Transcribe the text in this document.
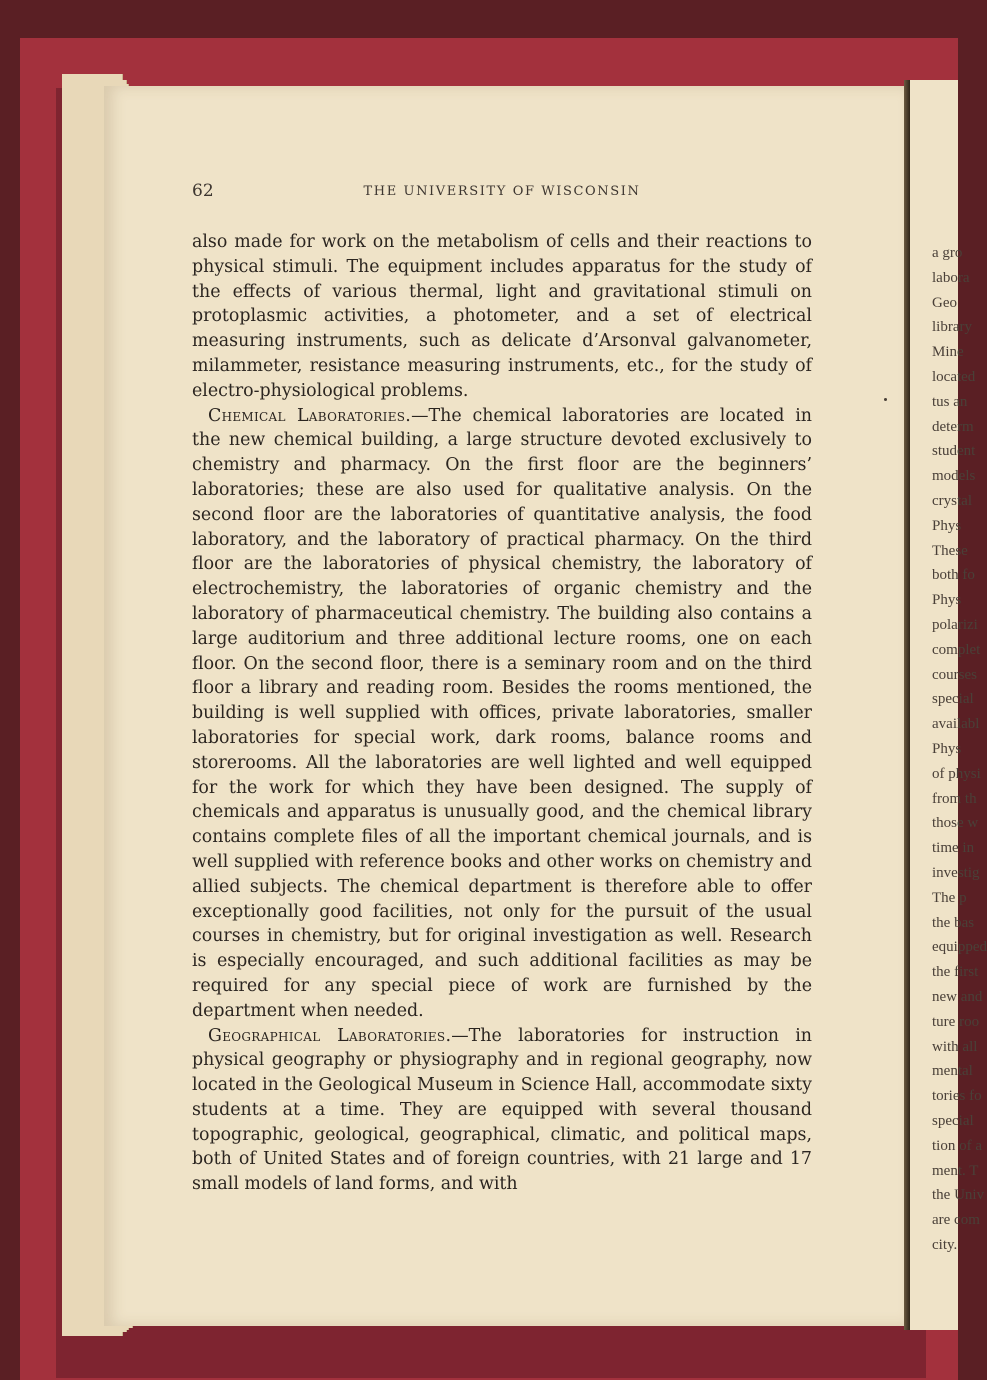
a gro
labora
Geo
library
Mine
located
tus an
determ
student
models
crystal
Phys
These
both fo
Phys
polarizi
complet
courses
special
availabl
Phys
of physi
from th
those w
time in
investig
The p
the bas
equipped
the first
new and
ture roo
with all
mental
tories fo
special
tion of a
ment. T
the Univ
are com
city.
62	THE UNIVERSITY OF WISCONSIN

also made for work on the metabolism of cells and their reactions to physical stimuli. The equipment includes apparatus for the study of the effects of various thermal, light and gravitational stimuli on protoplasmic activities, a photometer, and a set of electrical measuring instruments, such as delicate d’Arsonval galvanometer, milammeter, resistance measuring instruments, etc., for the study of electro-physiological problems.

Chemical Laboratories.—The chemical laboratories are located in the new chemical building, a large structure devoted exclusively to chemistry and pharmacy. On the first floor are the beginners’ laboratories; these are also used for qualitative analysis. On the second floor are the laboratories of quantitative analysis, the food laboratory, and the laboratory of practical pharmacy. On the third floor are the laboratories of physical chemistry, the laboratory of electrochemistry, the laboratories of organic chemistry and the laboratory of pharmaceutical chemistry. The building also contains a large auditorium and three additional lecture rooms, one on each floor. On the second floor, there is a seminary room and on the third floor a library and reading room. Besides the rooms mentioned, the building is well supplied with offices, private laboratories, smaller laboratories for special work, dark rooms, balance rooms and storerooms. All the laboratories are well lighted and well equipped for the work for which they have been designed. The supply of chemicals and apparatus is unusually good, and the chemical library contains complete files of all the important chemical journals, and is well supplied with reference books and other works on chemistry and allied subjects. The chemical department is therefore able to offer exceptionally good facilities, not only for the pursuit of the usual courses in chemistry, but for original investigation as well. Research is especially encouraged, and such additional facilities as may be required for any special piece of work are furnished by the department when needed.

Geographical Laboratories.—The laboratories for instruction in physical geography or physiography and in regional geography, now located in the Geological Museum in Science Hall, accommodate sixty students at a time. They are equipped with several thousand topographic, geological, geographical, climatic, and political maps, both of United States and of foreign countries, with 21 large and 17 small models of land forms, and with
